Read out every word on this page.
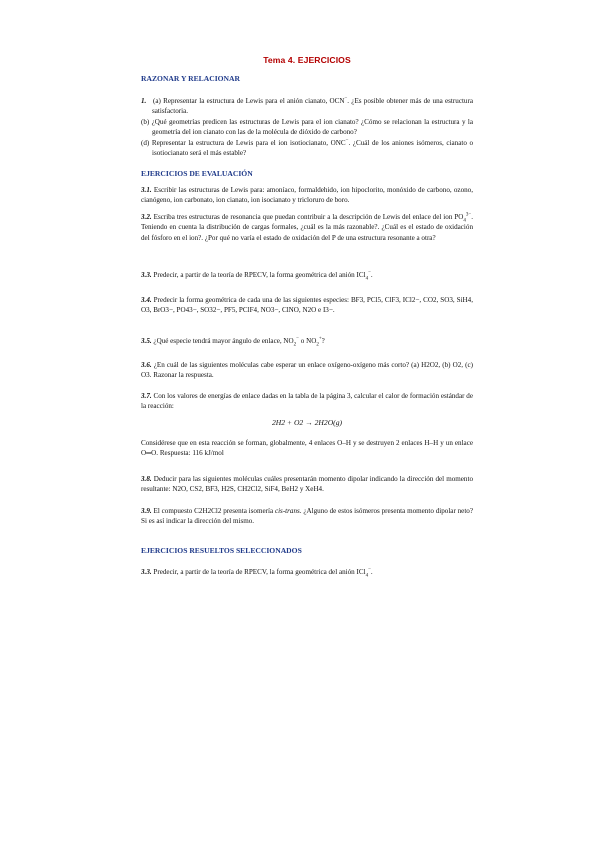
Tema 4. EJERCICIOS
RAZONAR Y RELACIONAR

1. (a) Representar la estructura de Lewis para el anión cianato, OCN−. ¿Es posible obtener más de una estructura satisfactoria.

(b) ¿Qué geometrías predicen las estructuras de Lewis para el ion cianato? ¿Cómo se relacionan la estructura y la geometría del ion cianato con las de la molécula de dióxido de carbono?

(d) Representar la estructura de Lewis para el ion isotiocianato, ONC−. ¿Cuál de los aniones isómeros, cianato o isotiocianato será el más estable?

EJERCICIOS DE EVALUACIÓN

3.1. Escribir las estructuras de Lewis para: amoníaco, formaldehido, ion hipoclorito, monóxido de carbono, ozono, cianógeno, ion carbonato, ion cianato, ion isocianato y tricloruro de boro.

3.2. Escriba tres estructuras de resonancia que puedan contribuir a la descripción de Lewis del enlace del ion $PO_4^{3-}$. Teniendo en cuenta la distribución de cargas formales, ¿cuál es la más razonable?. ¿Cuál es el estado de oxidación del fósforo en el ion?. ¿Por qué no varía el estado de oxidación del P de una estructura resonante a otra?

3.3. Predecir, a partir de la teoría de RPECV, la forma geométrica del anión ICl$_4$−.

3.4. Predecir la forma geométrica de cada una de las siguientes especies: BF3, PCl5, ClF3, ICl2−, CO2, SO3, SiH4, O3, BrO3−, PO43−, SO32−, PF5, PClF4, NO3−, ClNO, N2O e I3−.

3.5. ¿Qué especie tendrá mayor ángulo de enlace, $NO_2^-$ o $NO_2^+$?

3.6. ¿En cuál de las siguientes moléculas cabe esperar un enlace oxígeno-oxígeno más corto? (a) H2O2, (b) O2, (c) O3. Razonar la respuesta.

3.7. Con los valores de energías de enlace dadas en la tabla de la página 3, calcular el calor de formación estándar de la reacción:

2H2 + O2 → 2H2O(g)

Considérese que en esta reacción se forman, globalmente, 4 enlaces O–H y se destruyen 2 enlaces H–H y un enlace O═O. Respuesta: 116 kJ/mol

3.8. Deducir para las siguientes moléculas cuáles presentarán momento dipolar indicando la dirección del momento resultante: N2O, CS2, BF3, H2S, CH2Cl2, SiF4, BeH2 y XeH4.

3.9. El compuesto C2H2Cl2 presenta isomería cis-trans. ¿Alguno de estos isómeros presenta momento dipolar neto? Si es así indicar la dirección del mismo.

EJERCICIOS RESUELTOS SELECCIONADOS

3.3. Predecir, a partir de la teoría de RPECV, la forma geométrica del anión ICl$_4$−.
